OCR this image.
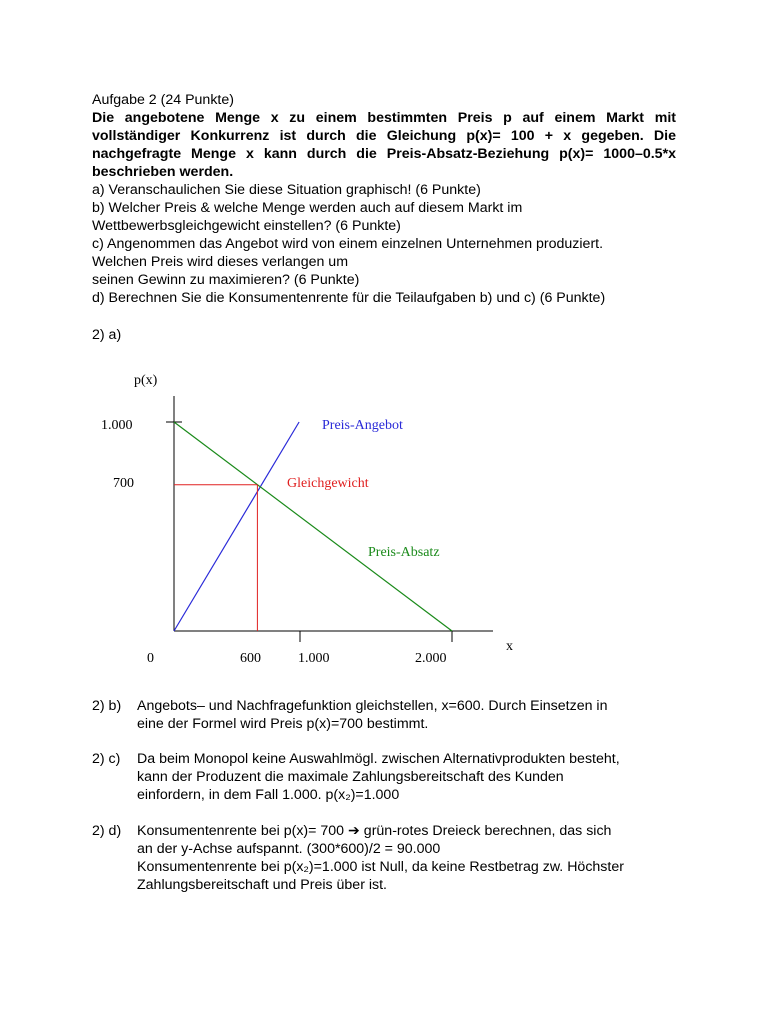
Aufgabe 2 (24 Punkte)
Die angebotene Menge x zu einem bestimmten Preis p auf einem Markt mit
vollständiger Konkurrenz ist durch die Gleichung p(x)= 100 + x gegeben. Die
nachgefragte Menge x kann durch die Preis-Absatz-Beziehung p(x)= 1000–0.5*x
beschrieben werden.
a) Veranschaulichen Sie diese Situation graphisch! (6 Punkte)
b) Welcher Preis & welche Menge werden auch auf diesem Markt im
Wettbewerbsgleichgewicht einstellen? (6 Punkte)
c) Angenommen das Angebot wird von einem einzelnen Unternehmen produziert.
Welchen Preis wird dieses verlangen um
seinen Gewinn zu maximieren? (6 Punkte)
d) Berechnen Sie die Konsumentenrente für die Teilaufgaben b) und c) (6 Punkte)
2) a)
p(x)
x
1.000
700
0	600	1.000	2.000
Preis-Angebot
Gleichgewicht
Preis-Absatz
2) b) Angebots– und Nachfragefunktion gleichstellen, x=600. Durch Einsetzen in
eine der Formel wird Preis p(x)=700 bestimmt.
2) c) Da beim Monopol keine Auswahlmögl. zwischen Alternativprodukten besteht,
kann der Produzent die maximale Zahlungsbereitschaft des Kunden
einfordern, in dem Fall 1.000. p(x₂)=1.000
2) d) Konsumentenrente bei p(x)= 700 ➔ grün-rotes Dreieck berechnen, das sich
an der y-Achse aufspannt. (300*600)/2 = 90.000
Konsumentenrente bei p(x₂)=1.000 ist Null, da keine Restbetrag zw. Höchster
Zahlungsbereitschaft und Preis über ist.
